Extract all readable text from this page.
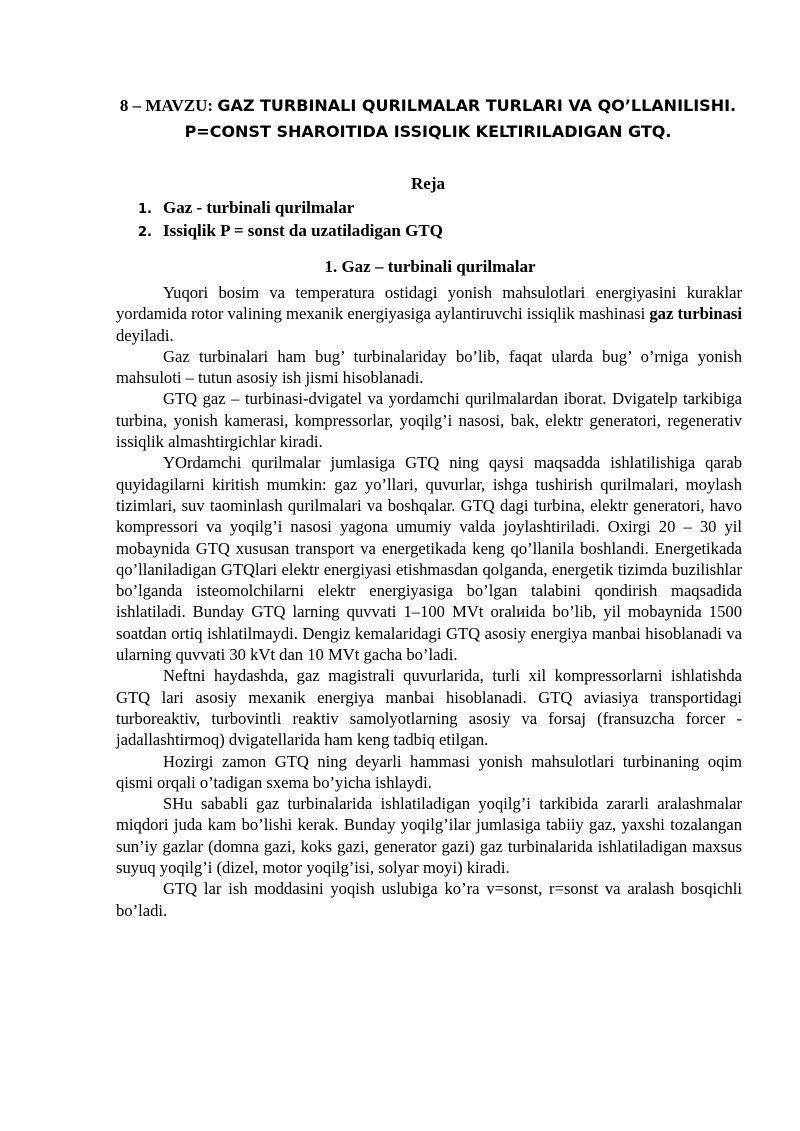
8 – MAVZU: GAZ TURBINALI QURILMALAR TURLARI VA QO’LLANILISHI. P=CONST SHAROITIDA ISSIQLIK KELTIRILADIGAN GTQ.
Reja
1. Gaz - turbinali qurilmalar
2. Issiqlik P = sonst da uzatiladigan GTQ
1. Gaz – turbinali qurilmalar

Yuqori bosim va temperatura ostidagi yonish mahsulotlari energiyasini kuraklar yordamida rotor valining mexanik energiyasiga aylantiruvchi issiqlik mashinasi gaz turbinasi deyiladi.

Gaz turbinalari ham bug’ turbinalariday bo’lib, faqat ularda bug’ o’rniga yonish mahsuloti – tutun asosiy ish jismi hisoblanadi.

GTQ gaz – turbinasi-dvigatel va yordamchi qurilmalardan iborat. Dvigatelp tarkibiga turbina, yonish kamerasi, kompressorlar, yoqilg’i nasosi, bak, elektr generatori, regenerativ issiqlik almashtirgichlar kiradi.

YOrdamchi qurilmalar jumlasiga GTQ ning qaysi maqsadda ishlatilishiga qarab quyidagilarni kiritish mumkin: gaz yo’llari, quvurlar, ishga tushirish qurilmalari, moylash tizimlari, suv taominlash qurilmalari va boshqalar. GTQ dagi turbina, elektr generatori, havo kompressori va yoqilg’i nasosi yagona umumiy valda joylashtiriladi. Oxirgi 20 – 30 yil mobaynida GTQ xususan transport va energetikada keng qo’llanila boshlandi. Energetikada qo’llaniladigan GTQlari elektr energiyasi etishmasdan qolganda, energetik tizimda buzilishlar bo’lganda isteomolchilarni elektr energiyasiga bo’lgan talabini qondirish maqsadida ishlatiladi. Bunday GTQ larning quvvati 1–100 MVt oralиida bo’lib, yil mobaynida 1500 soatdan ortiq ishlatilmaydi. Dengiz kemalaridagi GTQ asosiy energiya manbai hisoblanadi va ularning quvvati 30 kVt dan 10 MVt gacha bo’ladi.

Neftni haydashda, gaz magistrali quvurlarida, turli xil kompressorlarni ishlatishda GTQ lari asosiy mexanik energiya manbai hisoblanadi. GTQ aviasiya transportidagi turboreaktiv, turbovintli reaktiv samolyotlarning asosiy va forsaj (fransuzcha forcer - jadallashtirmoq) dvigatellarida ham keng tadbiq etilgan.

Hozirgi zamon GTQ ning deyarli hammasi yonish mahsulotlari turbinaning oqim qismi orqali o’tadigan sxema bo’yicha ishlaydi.

SHu sababli gaz turbinalarida ishlatiladigan yoqilg’i tarkibida zararli aralashmalar miqdori juda kam bo’lishi kerak. Bunday yoqilg’ilar jumlasiga tabiiy gaz, yaxshi tozalangan sun’iy gazlar (domna gazi, koks gazi, generator gazi) gaz turbinalarida ishlatiladigan maxsus suyuq yoqilg’i (dizel, motor yoqilg’isi, solyar moyi) kiradi.

GTQ lar ish moddasini yoqish uslubiga ko’ra v=sonst, r=sonst va aralash bosqichli bo’ladi.
